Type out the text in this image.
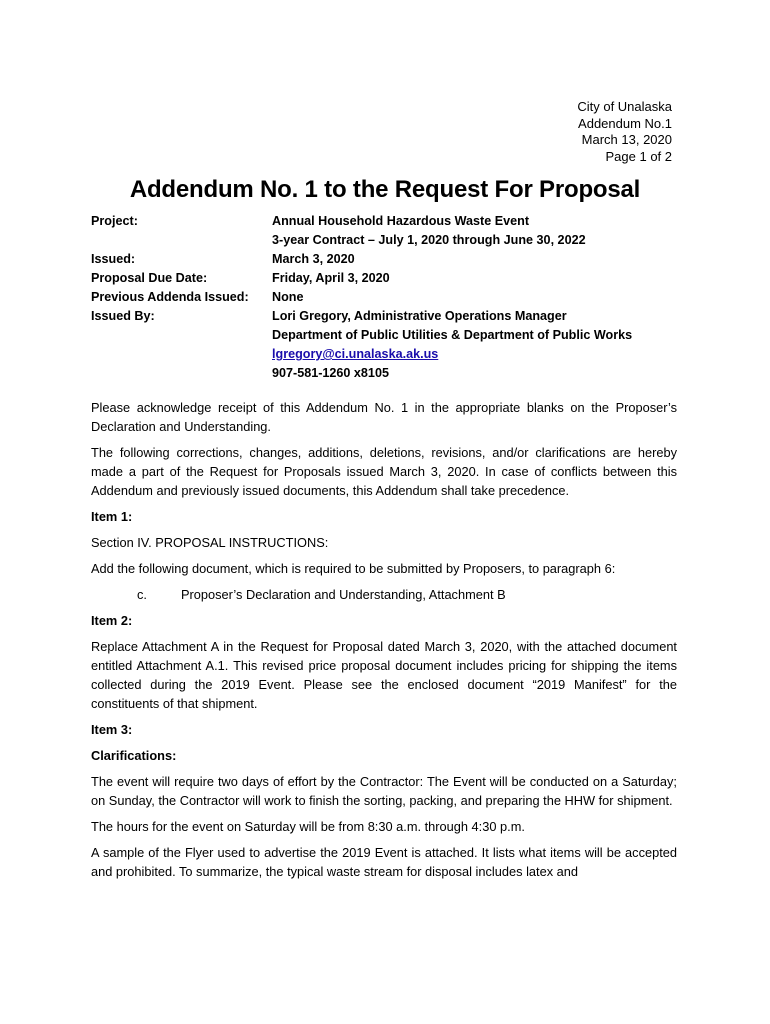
City of Unalaska
Addendum No.1
March 13, 2020
Page 1 of 2
Addendum No. 1 to the Request For Proposal
Project:	Annual Household Hazardous Waste Event
3-year Contract – July 1, 2020 through June 30, 2022
Issued:	March 3, 2020
Proposal Due Date:	Friday, April 3, 2020
Previous Addenda Issued:	None
Issued By:	Lori Gregory, Administrative Operations Manager
Department of Public Utilities & Department of Public Works
lgregory@ci.unalaska.ak.us
907-581-1260 x8105

Please acknowledge receipt of this Addendum No. 1 in the appropriate blanks on the Proposer’s Declaration and Understanding.

The following corrections, changes, additions, deletions, revisions, and/or clarifications are hereby made a part of the Request for Proposals issued March 3, 2020. In case of conflicts between this Addendum and previously issued documents, this Addendum shall take precedence.

Item 1:

Section IV. PROPOSAL INSTRUCTIONS:

Add the following document, which is required to be submitted by Proposers, to paragraph 6:

c.	Proposer’s Declaration and Understanding, Attachment B

Item 2:

Replace Attachment A in the Request for Proposal dated March 3, 2020, with the attached document entitled Attachment A.1. This revised price proposal document includes pricing for shipping the items collected during the 2019 Event. Please see the enclosed document “2019 Manifest” for the constituents of that shipment.

Item 3:

Clarifications:

The event will require two days of effort by the Contractor: The Event will be conducted on a Saturday; on Sunday, the Contractor will work to finish the sorting, packing, and preparing the HHW for shipment.

The hours for the event on Saturday will be from 8:30 a.m. through 4:30 p.m.

A sample of the Flyer used to advertise the 2019 Event is attached. It lists what items will be accepted and prohibited. To summarize, the typical waste stream for disposal includes latex and
